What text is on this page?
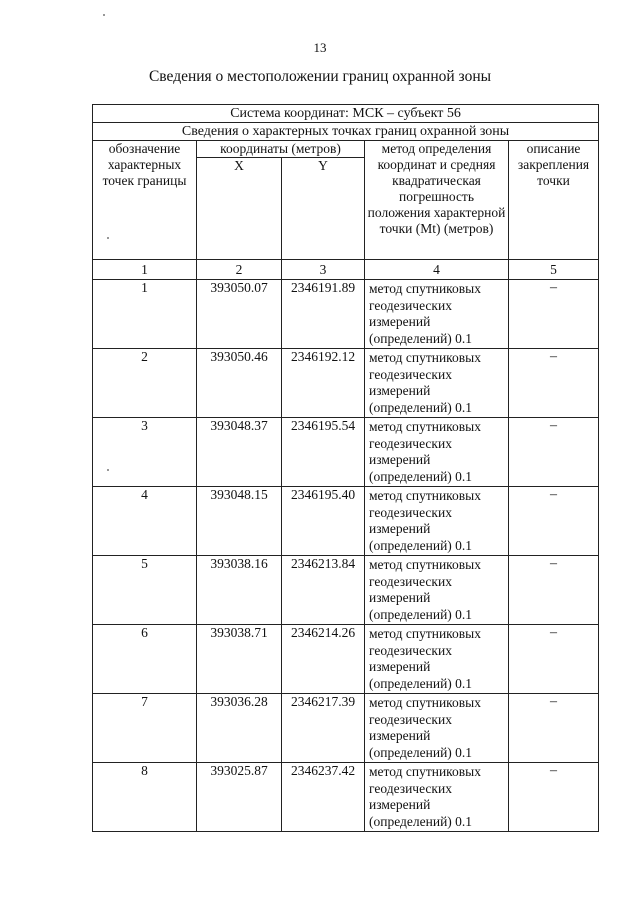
13
Сведения о местоположении границ охранной зоны
Система координат: МСК – субъект 56				
Сведения о характерных точках границ охранной зоны				
обозначение характерных точек границы	координаты (метров)		метод определения координат и средняя квадратическая погрешность положения характерной точки (Mt) (метров)	описание закрепления точки
	X	Y		
1	2	3	4	5
1	393050.07	2346191.89	метод спутниковых геодезических измерений (определений) 0.1	–
2	393050.46	2346192.12	метод спутниковых геодезических измерений (определений) 0.1	–
3	393048.37	2346195.54	метод спутниковых геодезических измерений (определений) 0.1	–
4	393048.15	2346195.40	метод спутниковых геодезических измерений (определений) 0.1	–
5	393038.16	2346213.84	метод спутниковых геодезических измерений (определений) 0.1	–
6	393038.71	2346214.26	метод спутниковых геодезических измерений (определений) 0.1	–
7	393036.28	2346217.39	метод спутниковых геодезических измерений (определений) 0.1	–
8	393025.87	2346237.42	метод спутниковых геодезических измерений (определений) 0.1	–
